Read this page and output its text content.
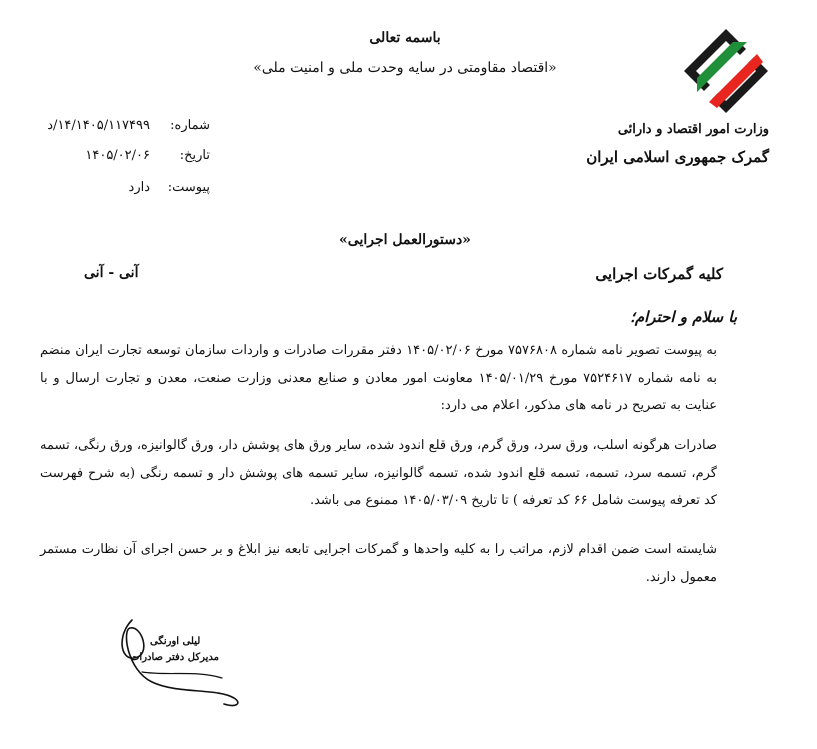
باسمه تعالی
«اقتصاد مقاومتی در سایه وحدت ملی و امنیت ملی»
وزارت امور اقتصاد و دارائی
گمرک جمهوری اسلامی ایران
شماره:
۱۴/۱۴۰۵/۱۱۷۴۹۹/د
تاریخ:
۱۴۰۵/۰۲/۰۶
پیوست:
دارد
«دستورالعمل اجرایی»
کلیه گمرکات اجرایی
آنی - آنی
با سلام و احترام؛
به پیوست تصویر نامه شماره ۷۵۷۶۸۰۸ مورخ ۱۴۰۵/۰۲/۰۶ دفتر مقررات صادرات و واردات سازمان توسعه تجارت ایران منضم به نامه شماره ۷۵۲۴۶۱۷ مورخ ۱۴۰۵/۰۱/۲۹ معاونت امور معادن و صنایع معدنی وزارت صنعت، معدن و تجارت ارسال و با عنایت به تصریح در نامه های مذکور، اعلام می دارد:
صادرات هرگونه اسلب، ورق سرد، ورق گرم، ورق قلع اندود شده، سایر ورق های پوشش دار، ورق گالوانیزه، ورق رنگی، تسمه گرم، تسمه سرد، تسمه، تسمه قلع اندود شده، تسمه گالوانیزه، سایر تسمه های پوشش دار و تسمه رنگی (به شرح فهرست کد تعرفه پیوست شامل ۶۶ کد تعرفه ) تا تاریخ ۱۴۰۵/۰۳/۰۹ ممنوع می باشد.
شایسته است ضمن اقدام لازم، مراتب را به کلیه واحدها و گمرکات اجرایی تابعه نیز ابلاغ و بر حسن اجرای آن نظارت مستمر معمول دارند.
لیلی اورنگی
مدیرکل دفتر صادرات
